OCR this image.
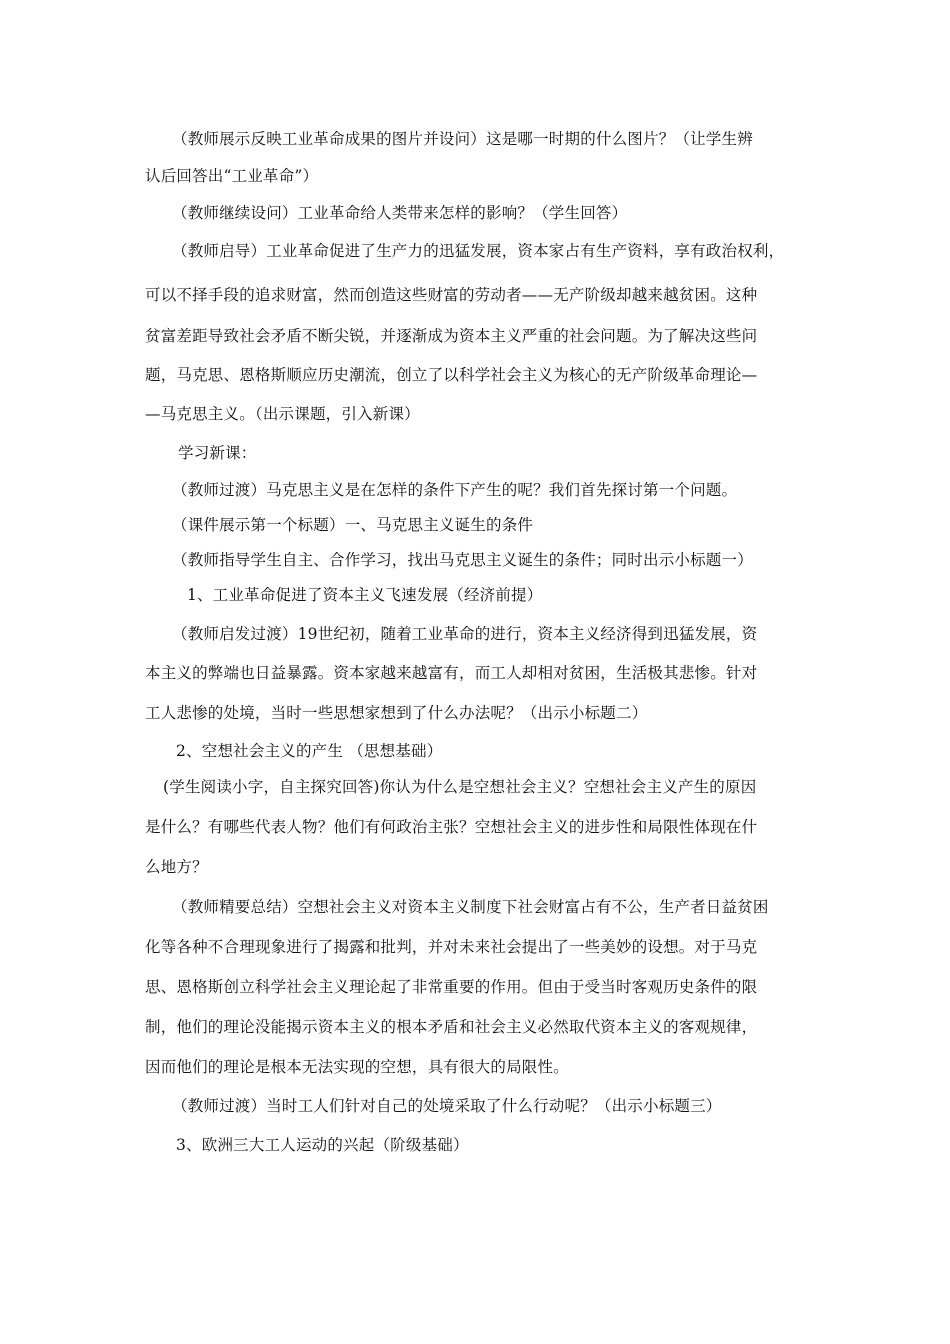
（教师展示反映工业革命成果的图片并设问）这是哪一时期的什么图片？（让学生辨
认后回答出“工业革命”）
（教师继续设问）工业革命给人类带来怎样的影响？（学生回答）
（教师启导）工业革命促进了生产力的迅猛发展，资本家占有生产资料，享有政治权利，
可以不择手段的追求财富，然而创造这些财富的劳动者——无产阶级却越来越贫困。这种
贫富差距导致社会矛盾不断尖锐，并逐渐成为资本主义严重的社会问题。为了解决这些问
题，马克思、恩格斯顺应历史潮流，创立了以科学社会主义为核心的无产阶级革命理论—
—马克思主义。（出示课题，引入新课）
学习新课：
（教师过渡）马克思主义是在怎样的条件下产生的呢？我们首先探讨第一个问题。
（课件展示第一个标题）一、马克思主义诞生的条件
（教师指导学生自主、合作学习，找出马克思主义诞生的条件；同时出示小标题一）
1、工业革命促进了资本主义飞速发展（经济前提）
（教师启发过渡）19世纪初，随着工业革命的进行，资本主义经济得到迅猛发展，资
本主义的弊端也日益暴露。资本家越来越富有，而工人却相对贫困，生活极其悲惨。针对
工人悲惨的处境，当时一些思想家想到了什么办法呢？（出示小标题二）
2、空想社会主义的产生 （思想基础）
(学生阅读小字，自主探究回答)你认为什么是空想社会主义？空想社会主义产生的原因
是什么？有哪些代表人物？他们有何政治主张？空想社会主义的进步性和局限性体现在什
么地方？
（教师精要总结）空想社会主义对资本主义制度下社会财富占有不公，生产者日益贫困
化等各种不合理现象进行了揭露和批判，并对未来社会提出了一些美妙的设想。对于马克
思、恩格斯创立科学社会主义理论起了非常重要的作用。但由于受当时客观历史条件的限
制，他们的理论没能揭示资本主义的根本矛盾和社会主义必然取代资本主义的客观规律，
因而他们的理论是根本无法实现的空想，具有很大的局限性。
（教师过渡）当时工人们针对自己的处境采取了什么行动呢？（出示小标题三）
3、欧洲三大工人运动的兴起（阶级基础）
